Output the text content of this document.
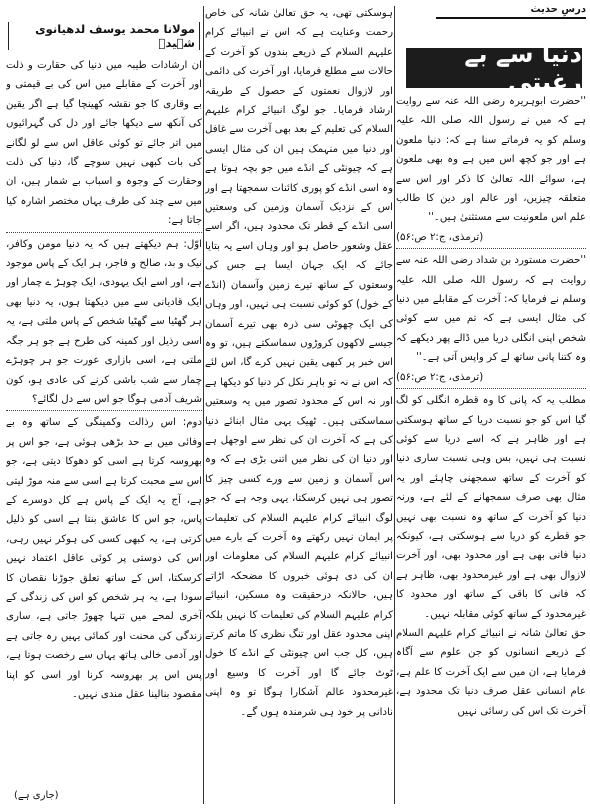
درسِ حدیث
دنیا سے بے رغبتی

''حضرت ابوہریرہ رضی اللہ عنہ سے روایت ہے کہ میں نے رسول اللہ صلی اللہ علیہ وسلم کو یہ فرماتے سنا ہے کہ: دنیا ملعون ہے اور جو کچھ اس میں ہے وہ بھی ملعون ہے، سوائے اللہ تعالیٰ کا ذکر اور اس سے متعلقہ چیزیں، اور عالم اور دین کا طالب علم اس ملعونیت سے مستثنیٰ ہیں۔''

(ترمذی، ج:۲ ص:۵۶)

''حضرت مستورد بن شداد رضی اللہ عنہ سے روایت ہے کہ رسول اللہ صلی اللہ علیہ وسلم نے فرمایا کہ: آخرت کے مقابلے میں دنیا کی مثال ایسی ہے کہ تم میں سے کوئی شخص اپنی انگلی دریا میں ڈالے پھر دیکھے کہ وہ کتنا پانی ساتھ لے کر واپس آتی ہے۔''

(ترمذی، ج:۲ ص:۵۶)

مطلب یہ کہ پانی کا وہ قطرہ انگلی کو لگ گیا اس کو جو نسبت دریا کے ساتھ ہوسکتی ہے اور ظاہر ہے کہ اسے دریا سے کوئی نسبت ہی نہیں، بس وہی نسبت ساری دنیا کو آخرت کے ساتھ سمجھنی چاہئے اور یہ مثال بھی صرف سمجھانے کے لئے ہے، ورنہ دنیا کو آخرت کے ساتھ وہ نسبت بھی نہیں جو قطرے کو دریا سے ہوسکتی ہے، کیونکہ دنیا فانی بھی ہے اور محدود بھی، اور آخرت لازوال بھی ہے اور غیرمحدود بھی، ظاہر ہے کہ فانی کا باقی کے ساتھ اور محدود کا غیرمحدود کے ساتھ کوئی مقابلہ نہیں۔

حق تعالیٰ شانہ نے انبیائے کرام علیہم السلام کے ذریعے انسانوں کو جن علوم سے آگاہ فرمایا ہے، ان میں سے ایک آخرت کا علم ہے، عام انسانی عقل صرف دنیا تک محدود ہے، آخرت تک اس کی رسائی نہیں

ہوسکتی تھی، یہ حق تعالیٰ شانہ کی خاص رحمت وعنایت ہے کہ اس نے انبیائے کرام علیہم السلام کے ذریعے بندوں کو آخرت کے حالات سے مطلع فرمایا، اور آخرت کی دائمی اور لازوال نعمتوں کے حصول کے طریقہ ارشاد فرمایا۔ جو لوگ انبیائے کرام علیہم السلام کی تعلیم کے بعد بھی آخرت سے غافل اور دنیا میں منہمک ہیں ان کی مثال ایسی ہے کہ چیونٹی کے انڈے میں جو بچہ ہوتا ہے وہ اسی انڈے کو پوری کائنات سمجھتا ہے اور اس کے نزدیک آسمان وزمین کی وسعتیں اسی انڈے کے قطر تک محدود ہیں، اگر اسے عقل وشعور حاصل ہو اور وہاں اسے یہ بتایا جائے کہ ایک جہان ایسا ہے جس کی وسعتوں کے ساتھ تیرے زمین وآسمان (انڈے کے خول) کو کوئی نسبت ہی نہیں، اور وہاں کی ایک چھوٹی سی ذرہ بھی تیرے آسمان جیسے لاکھوں کروڑوں سماسکتے ہیں، تو وہ اس خبر پر کبھی یقین نہیں کرے گا، اس لئے کہ اس نے نہ تو باہر نکل کر دنیا کو دیکھا ہے اور نہ اس کے محدود تصور میں یہ وسعتیں سماسکتی ہیں۔ ٹھیک یہی مثال ابنائے دنیا کی ہے کہ آخرت ان کی نظر سے اوجھل ہے اور دنیا ان کی نظر میں اتنی بڑی ہے کہ وہ اس آسمان و زمین سے ورے کسی چیز کا تصور ہی نہیں کرسکتا، یہی وجہ ہے کہ جو لوگ انبیائے کرام علیہم السلام کی تعلیمات پر ایمان نہیں رکھتے وہ آخرت کے بارے میں انبیائے کرام علیہم السلام کی معلومات اور ان کی دی ہوئی خبروں کا مضحکہ اڑاتے ہیں، حالانکہ درحقیقت وہ مسکین، انبیائے کرام علیہم السلام کی تعلیمات کا نہیں بلکہ اپنی محدود عقل اور تنگ نظری کا ماتم کرتے ہیں، کل جب اس چیونٹی کے انڈے کا خول ٹوٹ جائے گا اور آخرت کا وسیع اور غیرمحدود عالم آشکارا ہوگا تو وہ اپنی نادانی پر خود ہی شرمندہ ہوں گے۔

مولانا محمد یوسف لدھیانوی شہیدؒ

ان ارشادات طیبہ میں دنیا کی حقارت و ذلت اور آخرت کے مقابلے میں اس کی بے قیمتی و بے وقاری کا جو نقشہ کھینچا گیا ہے اگر یقین کی آنکھ سے دیکھا جائے اور دل کی گہرائیوں میں اتر جائے تو کوئی عاقل اس سے لو لگانے کی بات کبھی نہیں سوچے گا، دنیا کی ذلت وحقارت کے وجوہ و اسباب بے شمار ہیں، ان میں سے چند کی طرف یہاں مختصر اشارہ کیا جاتا ہے:

اوّل: ہم دیکھتے ہیں کہ یہ دنیا مومن وکافر، نیک و بد، صالح و فاجر، ہر ایک کے پاس موجود ہے، اور اسے ایک یہودی، ایک چوہڑ ے چمار اور ایک قادیانی سے میں دیکھتا ہوں، یہ دنیا بھی ہر گھٹیا سے گھٹیا شخص کے پاس ملتی ہے، یہ اسی رذیل اور کمینہ کی طرح ہے جو ہر جگہ ملتی ہے، اسی بازاری عورت جو ہر چوہڑے چمار سے شب باشی کرنے کی عادی ہو، کون شریف آدمی ہوگا جو اس سے دل لگائے؟

دوم: اس رذالت وکمینگی کے ساتھ وہ بے وفائی میں بے حد بڑھی ہوئی ہے، جو اس پر بھروسہ کرتا ہے اسی کو دھوکا دیتی ہے، جو اس سے محبت کرتا ہے اسی سے منہ موڑ لیتی ہے، آج یہ ایک کے پاس ہے کل دوسرے کے پاس، جو اس کا عاشق بنتا ہے اسی کو ذلیل کرتی ہے، یہ کبھی کسی کی ہوکر نہیں رہی، اس کی دوستی پر کوئی عاقل اعتماد نہیں کرسکتا، اس کے ساتھ تعلق جوڑنا نقصان کا سودا ہے، یہ ہر شخص کو اس کی زندگی کے آخری لمحے میں تنہا چھوڑ جاتی ہے، ساری زندگی کی محنت اور کمائی یہیں رہ جاتی ہے اور آدمی خالی ہاتھ یہاں سے رخصت ہوتا ہے، پس اس پر بھروسہ کرنا اور اسی کو اپنا مقصود بنالینا عقل مندی نہیں۔

(جاری ہے)
